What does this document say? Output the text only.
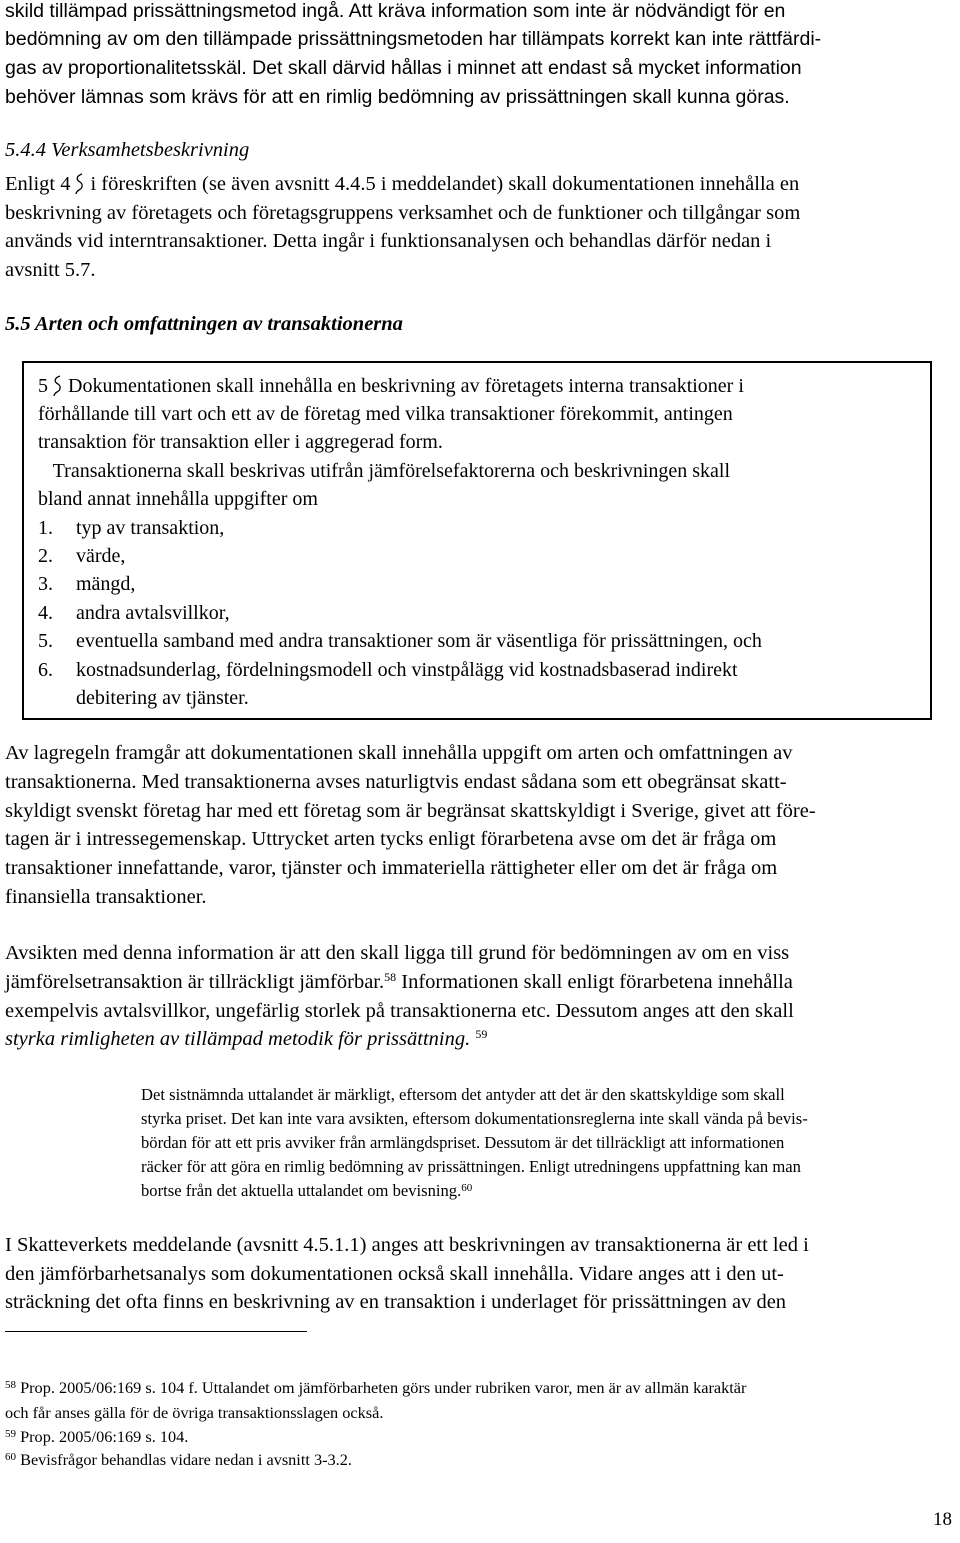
skild tillämpad prissättningsmetod ingå. Att kräva information som inte är nödvändigt för en
bedömning av om den tillämpade prissättningsmetoden har tillämpats korrekt kan inte rättfärdi-
gas av proportionalitetsskäl. Det skall därvid hållas i minnet att endast så mycket information
behöver lämnas som krävs för att en rimlig bedömning av prissättningen skall kunna göras.
5.4.4 Verksamhetsbeskrivning
Enligt 4 i föreskriften (se även avsnitt 4.4.5 i meddelandet) skall dokumentationen innehålla en
beskrivning av företagets och företagsgruppens verksamhet och de funktioner och tillgångar som
används vid interntransaktioner. Detta ingår i funktionsanalysen och behandlas därför nedan i
avsnitt 5.7.
5.5 Arten och omfattningen av transaktionerna
5 Dokumentationen skall innehålla en beskrivning av företagets interna transaktioner i
förhållande till vart och ett av de företag med vilka transaktioner förekommit, antingen
transaktion för transaktion eller i aggregerad form.
Transaktionerna skall beskrivas utifrån jämförelsefaktorerna och beskrivningen skall
bland annat innehålla uppgifter om
1.	typ av transaktion,
2.	värde,
3.	mängd,
4.	andra avtalsvillkor,
5.	eventuella samband med andra transaktioner som är väsentliga för prissättningen, och
6.	kostnadsunderlag, fördelningsmodell och vinstpålägg vid kostnadsbaserad indirekt
debitering av tjänster.
Av lagregeln framgår att dokumentationen skall innehålla uppgift om arten och omfattningen av
transaktionerna. Med transaktionerna avses naturligtvis endast sådana som ett obegränsat skatt-
skyldigt svenskt företag har med ett företag som är begränsat skattskyldigt i Sverige, givet att före-
tagen är i intressegemenskap. Uttrycket arten tycks enligt förarbetena avse om det är fråga om
transaktioner innefattande, varor, tjänster och immateriella rättigheter eller om det är fråga om
finansiella transaktioner.
Avsikten med denna information är att den skall ligga till grund för bedömningen av om en viss
jämförelsetransaktion är tillräckligt jämförbar.$^{58}$ Informationen skall enligt förarbetena innehålla
exempelvis avtalsvillkor, ungefärlig storlek på transaktionerna etc. Dessutom anges att den skall
styrka rimligheten av tillämpad metodik för prissättning. $^{59}$
Det sistnämnda uttalandet är märkligt, eftersom det antyder att det är den skattskyldige som skall
styrka priset. Det kan inte vara avsikten, eftersom dokumentationsreglerna inte skall vända på bevis-
bördan för att ett pris avviker från armlängdspriset. Dessutom är det tillräckligt att informationen
räcker för att göra en rimlig bedömning av prissättningen. Enligt utredningens uppfattning kan man
bortse från det aktuella uttalandet om bevisning.$^{60}$
I Skatteverkets meddelande (avsnitt 4.5.1.1) anges att beskrivningen av transaktionerna är ett led i
den jämförbarhetsanalys som dokumentationen också skall innehålla. Vidare anges att i den ut-
sträckning det ofta finns en beskrivning av en transaktion i underlaget för prissättningen av den
$^{58}$ Prop. 2005/06:169 s. 104 f. Uttalandet om jämförbarheten görs under rubriken varor, men är av allmän karaktär
och får anses gälla för de övriga transaktionsslagen också.
$^{59}$ Prop. 2005/06:169 s. 104.
$^{60}$ Bevisfrågor behandlas vidare nedan i avsnitt 3-3.2.
18
